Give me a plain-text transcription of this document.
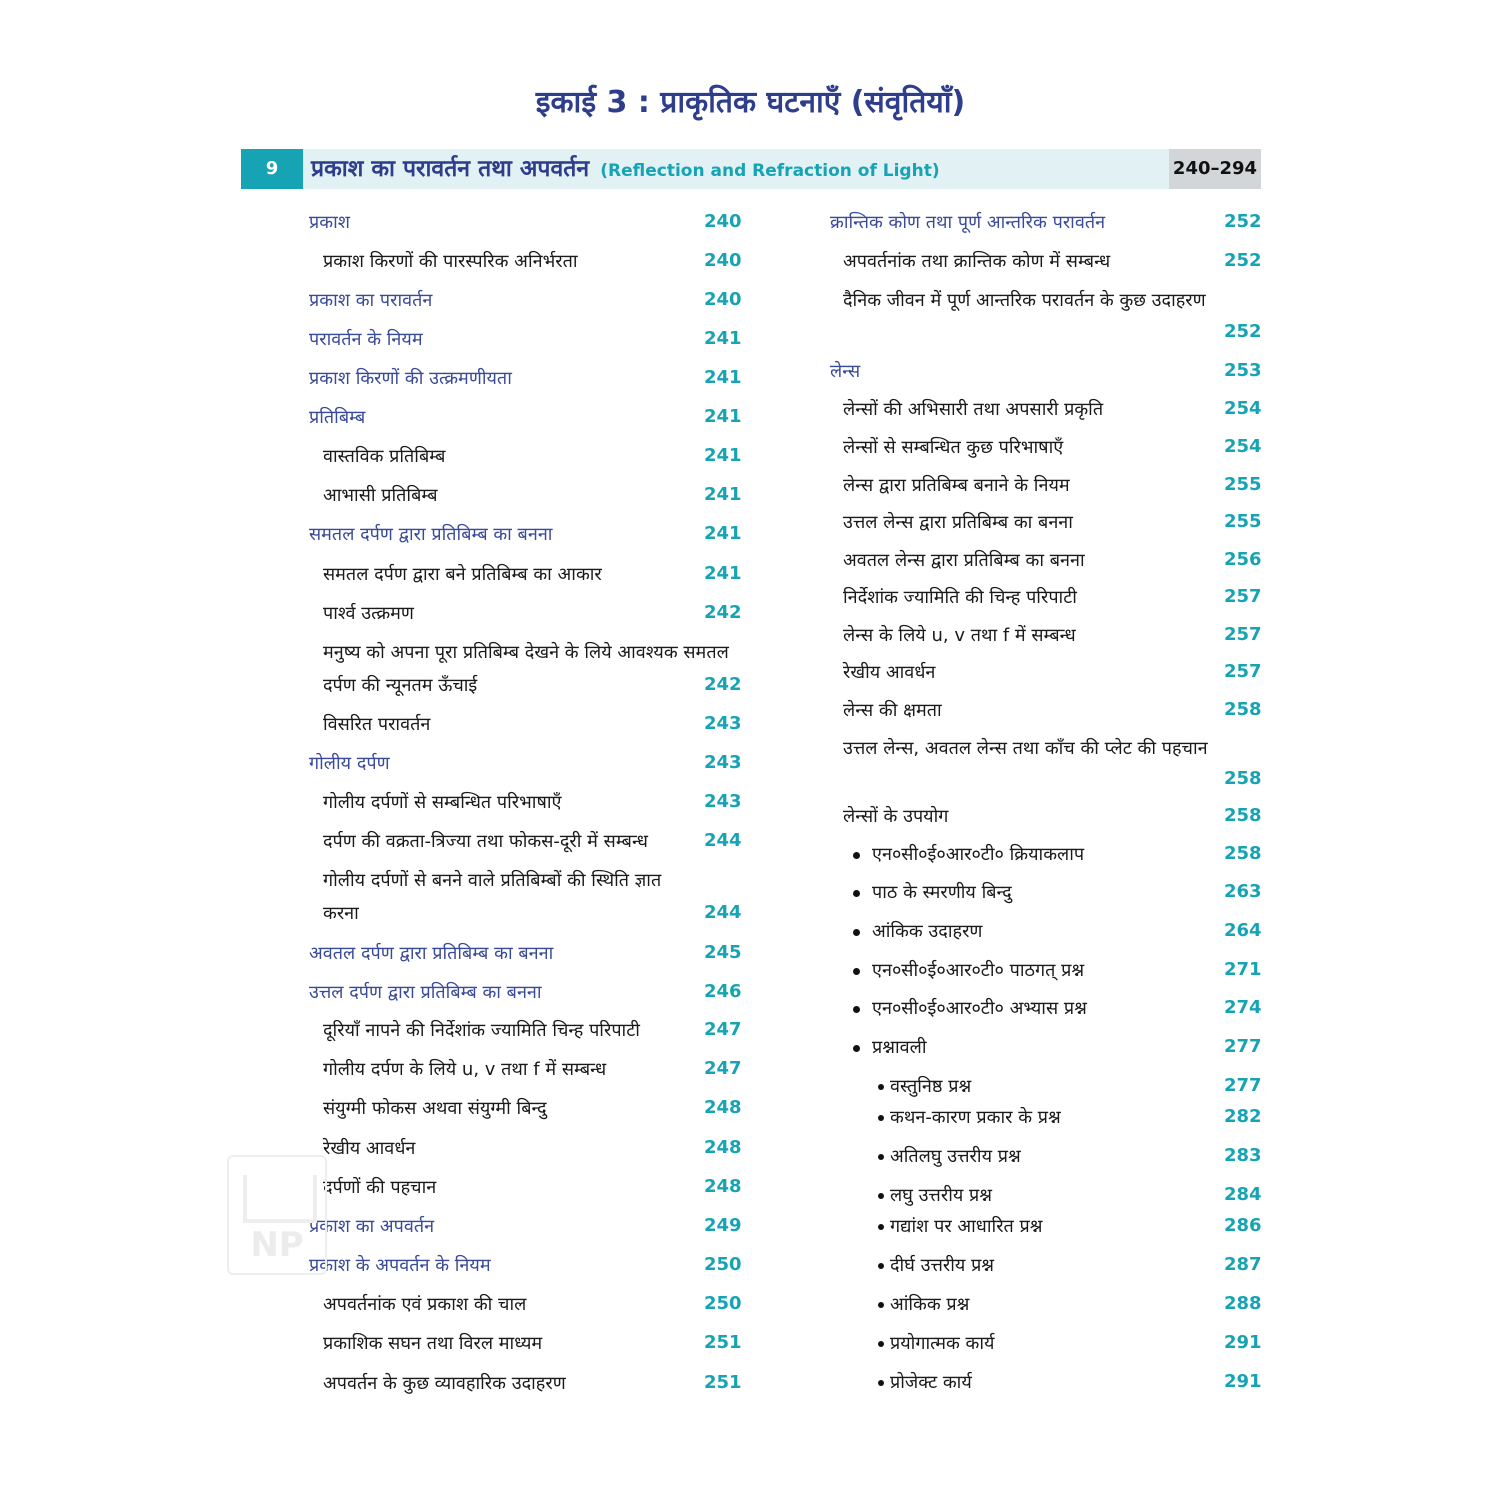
इकाई 3 : प्राकृतिक घटनाएँ (संवृतियाँ)
9	प्रकाश का परावर्तन तथा अपवर्तन (Reflection and Refraction of Light)	240–294
प्रकाश	240
प्रकाश किरणों की पारस्परिक अनिर्भरता	240
प्रकाश का परावर्तन	240
परावर्तन के नियम	241
प्रकाश किरणों की उत्क्रमणीयता	241
प्रतिबिम्ब	241
वास्तविक प्रतिबिम्ब	241
आभासी प्रतिबिम्ब	241
समतल दर्पण द्वारा प्रतिबिम्ब का बनना	241
समतल दर्पण द्वारा बने प्रतिबिम्ब का आकार	241
पार्श्व उत्क्रमण	242
मनुष्य को अपना पूरा प्रतिबिम्ब देखने के लिये आवश्यक समतल
दर्पण की न्यूनतम ऊँचाई	242
विसरित परावर्तन	243
गोलीय दर्पण	243
गोलीय दर्पणों से सम्बन्धित परिभाषाएँ	243
दर्पण की वक्रता-त्रिज्या तथा फोकस-दूरी में सम्बन्ध	244
गोलीय दर्पणों से बनने वाले प्रतिबिम्बों की स्थिति ज्ञात
करना	244
अवतल दर्पण द्वारा प्रतिबिम्ब का बनना	245
उत्तल दर्पण द्वारा प्रतिबिम्ब का बनना	246
दूरियाँ नापने की निर्देशांक ज्यामिति चिन्ह परिपाटी	247
गोलीय दर्पण के लिये u, v तथा f में सम्बन्ध	247
संयुग्मी फोकस अथवा संयुग्मी बिन्दु	248
रेखीय आवर्धन	248
दर्पणों की पहचान	248
प्रकाश का अपवर्तन	249
प्रकाश के अपवर्तन के नियम	250
अपवर्तनांक एवं प्रकाश की चाल	250
प्रकाशिक सघन तथा विरल माध्यम	251
अपवर्तन के कुछ व्यावहारिक उदाहरण	251
क्रान्तिक कोण तथा पूर्ण आन्तरिक परावर्तन	252
अपवर्तनांक तथा क्रान्तिक कोण में सम्बन्ध	252
दैनिक जीवन में पूर्ण आन्तरिक परावर्तन के कुछ उदाहरण
252
लेन्स	253
लेन्सों की अभिसारी तथा अपसारी प्रकृति	254
लेन्सों से सम्बन्धित कुछ परिभाषाएँ	254
लेन्स द्वारा प्रतिबिम्ब बनाने के नियम	255
उत्तल लेन्स द्वारा प्रतिबिम्ब का बनना	255
अवतल लेन्स द्वारा प्रतिबिम्ब का बनना	256
निर्देशांक ज्यामिति की चिन्ह परिपाटी	257
लेन्स के लिये u, v तथा f में सम्बन्ध	257
रेखीय आवर्धन	257
लेन्स की क्षमता	258
उत्तल लेन्स, अवतल लेन्स तथा काँच की प्लेट की पहचान
258
लेन्सों के उपयोग	258
एन०सी०ई०आर०टी० क्रियाकलाप	258
पाठ के स्मरणीय बिन्दु	263
आंकिक उदाहरण	264
एन०सी०ई०आर०टी० पाठगत् प्रश्न	271
एन०सी०ई०आर०टी० अभ्यास प्रश्न	274
प्रश्नावली	277
वस्तुनिष्ठ प्रश्न	277
कथन-कारण प्रकार के प्रश्न	282
अतिलघु उत्तरीय प्रश्न	283
लघु उत्तरीय प्रश्न	284
गद्यांश पर आधारित प्रश्न	286
दीर्घ उत्तरीय प्रश्न	287
आंकिक प्रश्न	288
प्रयोगात्मक कार्य	291
प्रोजेक्ट कार्य	291
NP
